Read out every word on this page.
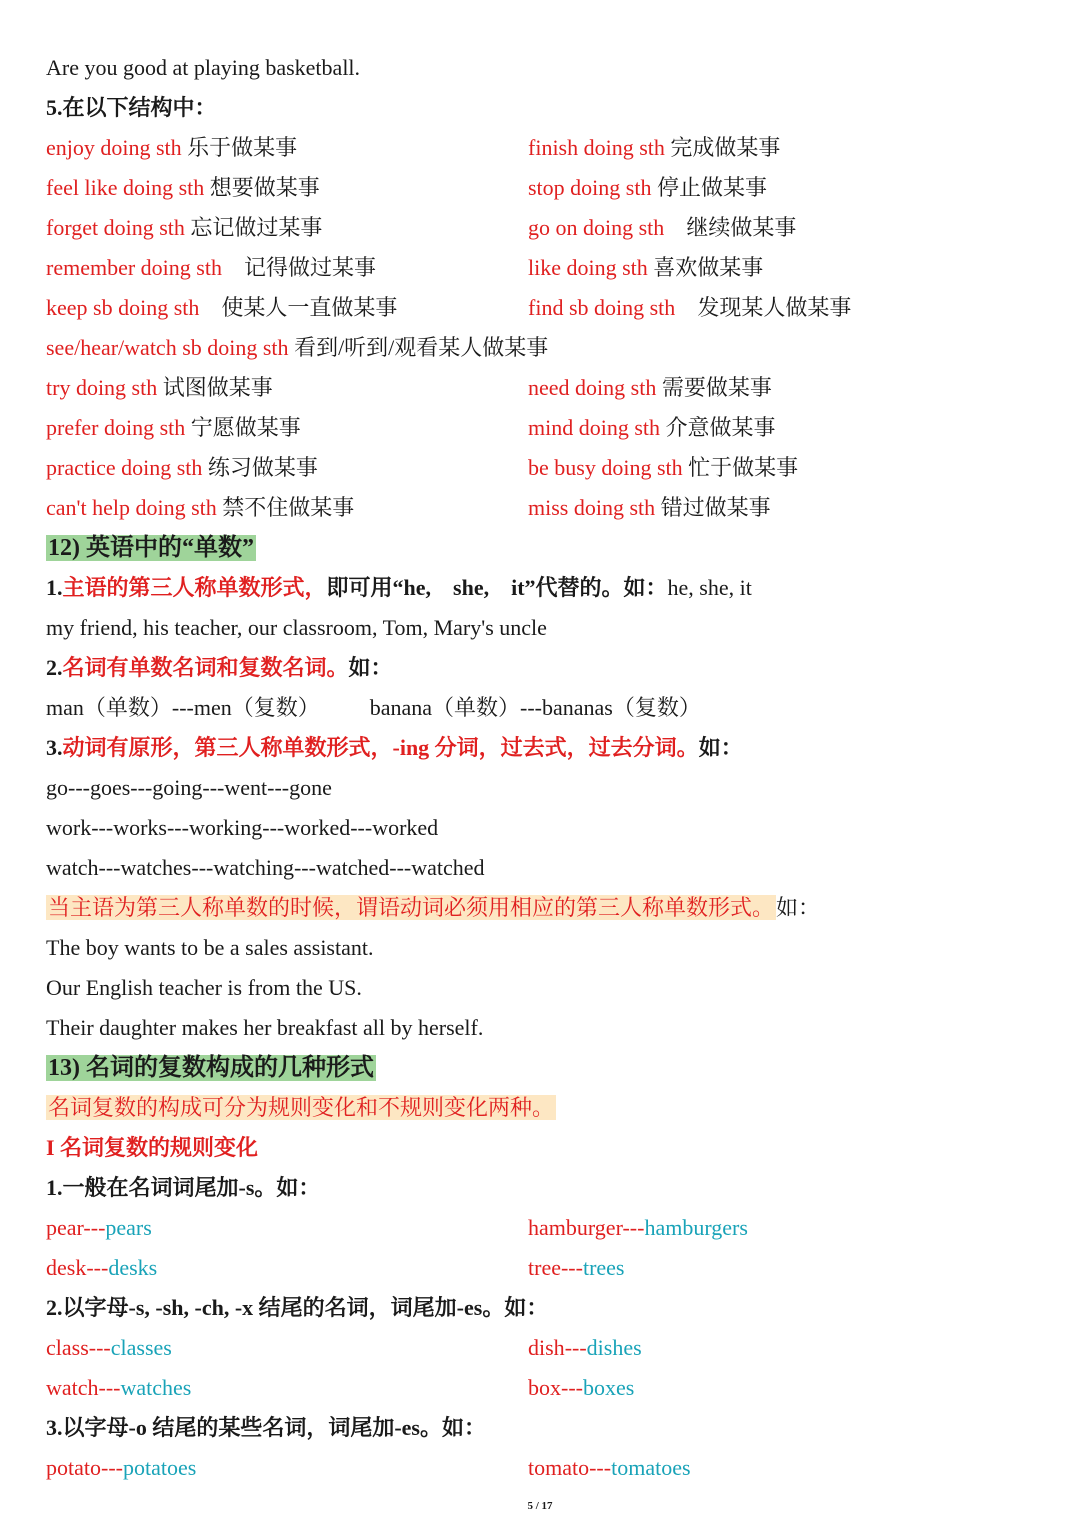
Are you good at playing basketball.
5.在以下结构中：
enjoy doing sth 乐于做某事	finish doing sth 完成做某事
feel like doing sth 想要做某事	stop doing sth 停止做某事
forget doing sth 忘记做过某事	go on doing sth　 继续做某事
remember doing sth　 记得做过某事	like doing sth 喜欢做某事
keep sb doing sth　 使某人一直做某事	find sb doing sth　 发现某人做某事
see/hear/watch sb doing sth 看到/听到/观看某人做某事
try doing sth 试图做某事	need doing sth 需要做某事
prefer doing sth 宁愿做某事	mind doing sth 介意做某事
practice doing sth 练习做某事	be busy doing sth 忙于做某事
can't help doing sth 禁不住做某事	miss doing sth 错过做某事
12) 英语中的“单数”
1.主语的第三人称单数形式，即可用“he,　she,　it”代替的。如：he, she, it
my friend, his teacher, our classroom, Tom, Mary's uncle
2.名词有单数名词和复数名词。如：
man（单数）---men（复数） banana（单数）---bananas（复数）
3.动词有原形，第三人称单数形式，-ing 分词，过去式，过去分词。如：
go---goes---going---went---gone
work---works---working---worked---worked
watch---watches---watching---watched---watched
当主语为第三人称单数的时候，谓语动词必须用相应的第三人称单数形式。如：
The boy wants to be a sales assistant.
Our English teacher is from the US.
Their daughter makes her breakfast all by herself.
13) 名词的复数构成的几种形式
名词复数的构成可分为规则变化和不规则变化两种。
I 名词复数的规则变化
1.一般在名词词尾加-s。如：
pear---pears	hamburger---hamburgers
desk---desks	tree---trees
2.以字母-s, -sh, -ch, -x 结尾的名词，词尾加-es。如：
class---classes	dish---dishes
watch---watches	box---boxes
3.以字母-o 结尾的某些名词，词尾加-es。如：
potato---potatoes	tomato---tomatoes
5 / 17
